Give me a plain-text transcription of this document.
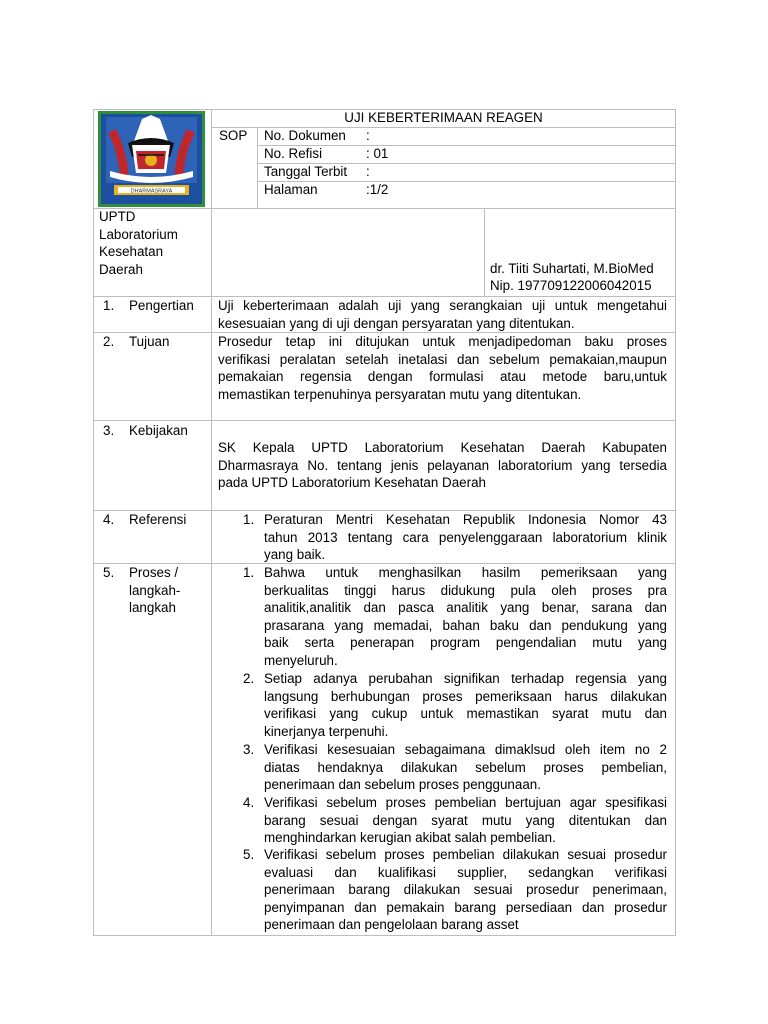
DHARMASRAYA
UJI KEBERTERIMAAN REAGEN
SOP No. Dokumen :
No. Refisi	: 01
Tanggal Terbit :
Halaman	:1/2
UPTD
Laboratorium
Kesehatan
Daerah	dr. Tiiti Suhartati, M.BioMed
Nip. 197709122006042015
1. Pengertian Uji keberterimaan adalah uji yang serangkaian uji untuk mengetahui
kesesuaian yang di uji dengan persyaratan yang ditentukan.
2. Tujuan	Prosedur tetap ini ditujukan untuk menjadipedoman baku proses
verifikasi peralatan setelah inetalasi dan sebelum pemakaian,maupun
pemakaian regensia dengan formulasi atau metode baru,untuk
memastikan terpenuhinya persyaratan mutu yang ditentukan.
3. Kebijakan
SK Kepala UPTD Laboratorium Kesehatan Daerah Kabupaten
Dharmasraya No. tentang jenis pelayanan laboratorium yang tersedia
pada UPTD Laboratorium Kesehatan Daerah
4. Referensi	1. Peraturan Mentri Kesehatan Republik Indonesia Nomor 43
tahun 2013 tentang cara penyelenggaraan laboratorium klinik
yang baik.
5. Proses /
langkah-
langkah
1. Bahwa untuk menghasilkan hasilm pemeriksaan yang
berkualitas tinggi harus didukung pula oleh proses pra
analitik,analitik dan pasca analitik yang benar, sarana dan
prasarana yang memadai, bahan baku dan pendukung yang
baik serta penerapan program pengendalian mutu yang
menyeluruh.
2. Setiap adanya perubahan signifikan terhadap regensia yang
langsung berhubungan proses pemeriksaan harus dilakukan
verifikasi yang cukup untuk memastikan syarat mutu dan
kinerjanya terpenuhi.
3. Verifikasi kesesuaian sebagaimana dimaklsud oleh item no 2
diatas hendaknya dilakukan sebelum proses pembelian,
penerimaan dan sebelum proses penggunaan.
4. Verifikasi sebelum proses pembelian bertujuan agar spesifikasi
barang sesuai dengan syarat mutu yang ditentukan dan
menghindarkan kerugian akibat salah pembelian.
5. Verifikasi sebelum proses pembelian dilakukan sesuai prosedur
evaluasi dan kualifikasi supplier, sedangkan verifikasi
penerimaan barang dilakukan sesuai prosedur penerimaan,
penyimpanan dan pemakain barang persediaan dan prosedur
penerimaan dan pengelolaan barang asset
